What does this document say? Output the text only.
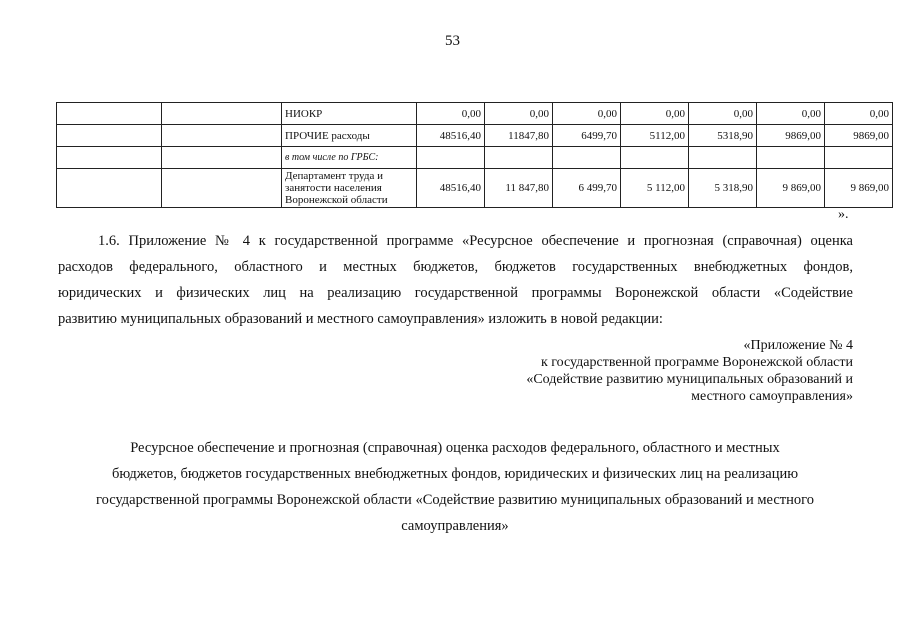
53
		НИОКР	0,00	0,00	0,00	0,00	0,00	0,00	0,00
		ПРОЧИЕ расходы	48516,40	11847,80	6499,70	5112,00	5318,90	9869,00	9869,00
		в том числе по ГРБС:							
		Департамент труда и занятости населения Воронежской области	48516,40	11 847,80	6 499,70	5 112,00	5 318,90	9 869,00	9 869,00
».
1.6. Приложение № 4 к государственной программе «Ресурсное обеспечение и прогнозная (справочная) оценка
расходов федерального, областного и местных бюджетов, бюджетов государственных внебюджетных фондов,
юридических и физических лиц на реализацию государственной программы Воронежской области «Содействие
развитию муниципальных образований и местного самоуправления» изложить в новой редакции:
«Приложение № 4
к государственной программе Воронежской области
«Содействие развитию муниципальных образований и
местного самоуправления»
Ресурсное обеспечение и прогнозная (справочная) оценка расходов федерального, областного и местных
бюджетов, бюджетов государственных внебюджетных фондов, юридических и физических лиц на реализацию
государственной программы Воронежской области «Содействие развитию муниципальных образований и местного
самоуправления»
